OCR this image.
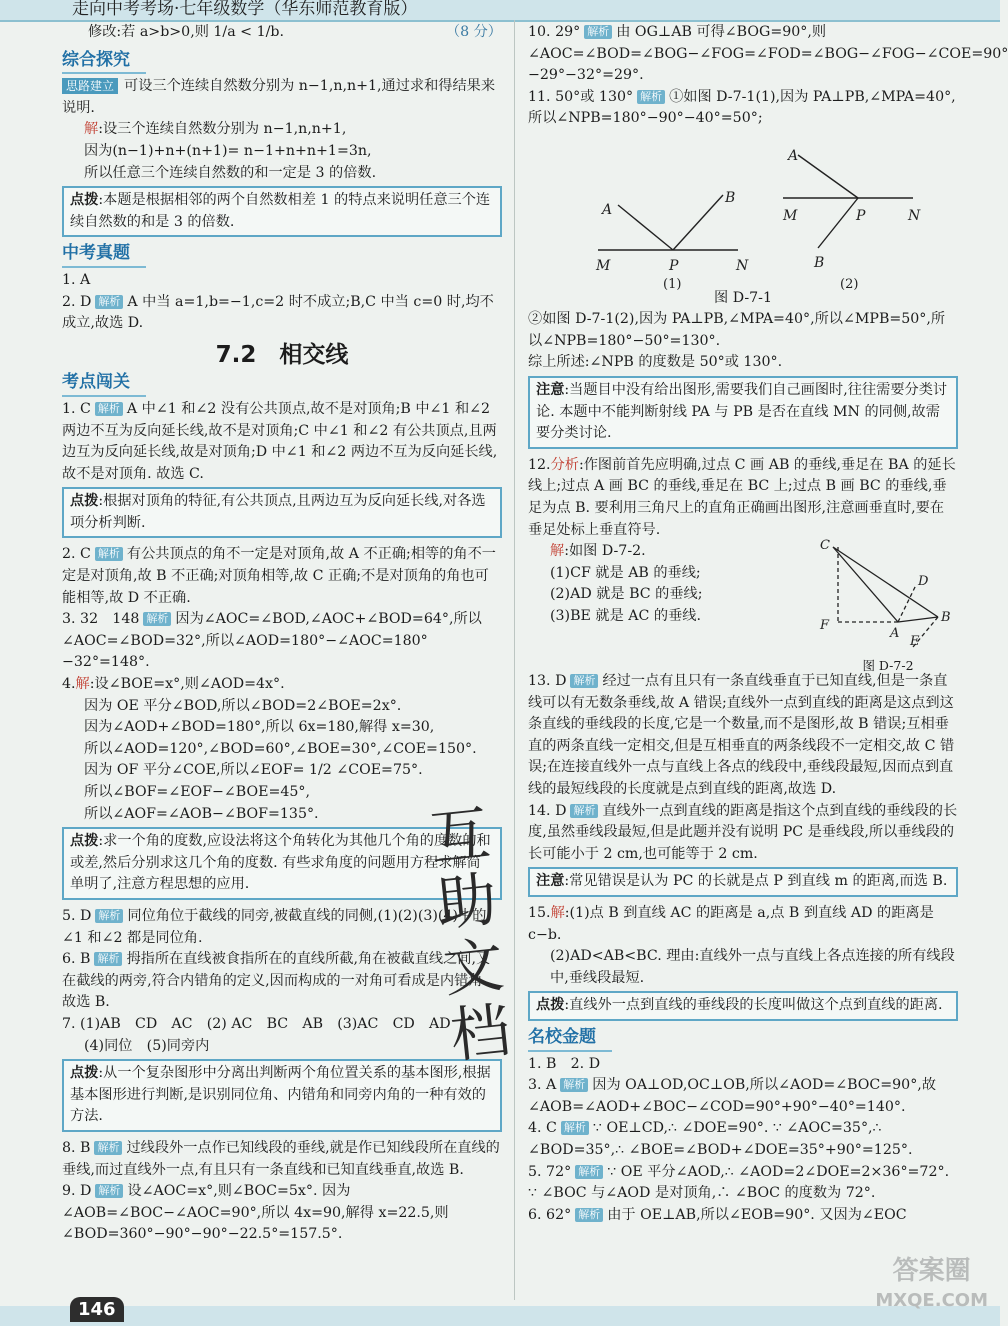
走向中考考场·七年级数学（华东师范教育版）

修改:若 a>b>0,则 1/a < 1/b.	（8 分）

综合探究

思路建立 可设三个连续自然数分别为 n−1,n,n+1,通过求和得结果来说明.

解:设三个连续自然数分别为 n−1,n,n+1,

因为(n−1)+n+(n+1)= n−1+n+n+1=3n,

所以任意三个连续自然数的和一定是 3 的倍数.

点拨:本题是根据相邻的两个自然数相差 1 的特点来说明任意三个连续自然数的和是 3 的倍数.
中考真题

1. A

2. D 解析 A 中当 a=1,b=−1,c=2 时不成立;B,C 中当 c=0 时,均不成立,故选 D.

7.2　相交线
考点闯关

1. C 解析 A 中∠1 和∠2 没有公共顶点,故不是对顶角;B 中∠1 和∠2 两边不互为反向延长线,故不是对顶角;C 中∠1 和∠2 有公共顶点,且两边互为反向延长线,故是对顶角;D 中∠1 和∠2 两边不互为反向延长线,故不是对顶角. 故选 C.

点拨:根据对顶角的特征,有公共顶点,且两边互为反向延长线,对各选项分析判断.

2. C 解析 有公共顶点的角不一定是对顶角,故 A 不正确;相等的角不一定是对顶角,故 B 不正确;对顶角相等,故 C 正确;不是对顶角的角也可能相等,故 D 不正确.

3. 32　148 解析 因为∠AOC=∠BOD,∠AOC+∠BOD=64°,所以∠AOC=∠BOD=32°,所以∠AOD=180°−∠AOC=180°−32°=148°.

4.解:设∠BOE=x°,则∠AOD=4x°.

因为 OE 平分∠BOD,所以∠BOD=2∠BOE=2x°.

因为∠AOD+∠BOD=180°,所以 6x=180,解得 x=30,

所以∠AOD=120°,∠BOD=60°,∠BOE=30°,∠COE=150°.

因为 OF 平分∠COE,所以∠EOF= 1/2 ∠COE=75°.

所以∠BOF=∠EOF−∠BOE=45°,

所以∠AOF=∠AOB−∠BOF=135°.

点拨:求一个角的度数,应设法将这个角转化为其他几个角的度数的和或差,然后分别求这几个角的度数. 有些求角度的问题用方程求解简单明了,注意方程思想的应用.

5. D 解析 同位角位于截线的同旁,被截直线的同侧,(1)(2)(3)(4)中的∠1 和∠2 都是同位角.

6. B 解析 拇指所在直线被食指所在的直线所截,角在被截直线之间,又在截线的两旁,符合内错角的定义,因而构成的一对角可看成是内错角. 故选 B.

7. (1)AB　CD　AC　(2) AC　BC　AB　(3)AC　CD　AD

(4)同位　(5)同旁内

点拨:从一个复杂图形中分离出判断两个角位置关系的基本图形,根据基本图形进行判断,是识别同位角、内错角和同旁内角的一种有效的方法.

8. B 解析 过线段外一点作已知线段的垂线,就是作已知线段所在直线的垂线,而过直线外一点,有且只有一条直线和已知直线垂直,故选 B.

9. D 解析 设∠AOC=x°,则∠BOC=5x°. 因为∠AOB=∠BOC−∠AOC=90°,所以 4x=90,解得 x=22.5,则∠BOD=360°−90°−90°−22.5°=157.5°.

10. 29° 解析 由 OG⊥AB 可得∠BOG=90°,则∠AOC=∠BOD=∠BOG−∠FOG=∠FOD=∠BOG−∠FOG−∠COE=90°−29°−32°=29°.

11. 50°或 130° 解析 ①如图 D-7-1(1),因为 PA⊥PB,∠MPA=40°,所以∠NPB=180°−90°−40°=50°;

A
B
M	P	N
A
M	P	N
B
(1)	(2)
图 D-7-1

②如图 D-7-1(2),因为 PA⊥PB,∠MPA=40°,所以∠MPB=50°,所以∠NPB=180°−50°=130°.

综上所述:∠NPB 的度数是 50°或 130°.

注意:当题目中没有给出图形,需要我们自己画图时,往往需要分类讨论. 本题中不能判断射线 PA 与 PB 是否在直线 MN 的同侧,故需要分类讨论.

12.分析:作图前首先应明确,过点 C 画 AB 的垂线,垂足在 BA 的延长线上;过点 A 画 BC 的垂线,垂足在 BC 上;过点 B 画 BC 的垂线,垂足为点 B. 要利用三角尺上的直角正确画出图形,注意画垂直时,要在垂足处标上垂直符号.

解:如图 D-7-2.

(1)CF 就是 AB 的垂线;

(2)AD 就是 BC 的垂线;

(3)BE 就是 AC 的垂线.

C
F
A
B
D
E
图 D-7-2

13. D 解析 经过一点有且只有一条直线垂直于已知直线,但是一条直线可以有无数条垂线,故 A 错误;直线外一点到直线的距离是这点到这条直线的垂线段的长度,它是一个数量,而不是图形,故 B 错误;互相垂直的两条直线一定相交,但是互相垂直的两条线段不一定相交,故 C 错误;在连接直线外一点与直线上各点的线段中,垂线段最短,因而点到直线的最短线段的长度就是点到直线的距离,故选 D.

14. D 解析 直线外一点到直线的距离是指这个点到直线的垂线段的长度,虽然垂线段最短,但是此题并没有说明 PC 是垂线段,所以垂线段的长可能小于 2 cm,也可能等于 2 cm.

注意:常见错误是认为 PC 的长就是点 P 到直线 m 的距离,而选 B.

15.解:(1)点 B 到直线 AC 的距离是 a,点 B 到直线 AD 的距离是 c−b.

(2)AD<AB<BC. 理由:直线外一点与直线上各点连接的所有线段中,垂线段最短.

点拨:直线外一点到直线的垂线段的长度叫做这个点到直线的距离.
名校金题

1. B　2. D

3. A 解析 因为 OA⊥OD,OC⊥OB,所以∠AOD=∠BOC=90°,故∠AOB=∠AOD+∠BOC−∠COD=90°+90°−40°=140°.

4. C 解析 ∵ OE⊥CD,∴ ∠DOE=90°. ∵ ∠AOC=35°,∴ ∠BOD=35°,∴ ∠BOE=∠BOD+∠DOE=35°+90°=125°.

5. 72° 解析 ∵ OE 平分∠AOD,∴ ∠AOD=2∠DOE=2×36°=72°. ∵ ∠BOC 与∠AOD 是对顶角,∴ ∠BOC 的度数为 72°.

6. 62° 解析 由于 OE⊥AB,所以∠EOB=90°. 又因为∠EOC

互
助
文
档
146
答案圈
MXQE.COM
